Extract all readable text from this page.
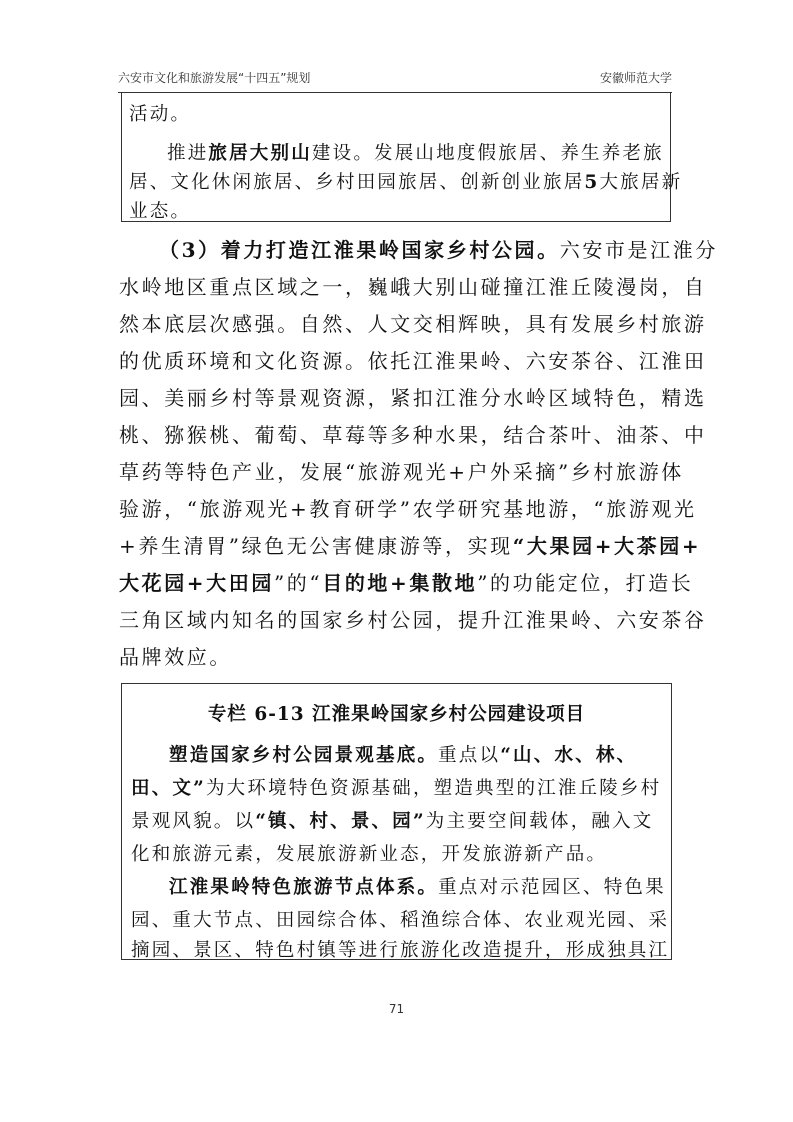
六安市文化和旅游发展“十四五”规划	安徽师范大学
活动。
推进旅居大别山建设。发展山地度假旅居、养生养老旅
居、文化休闲旅居、乡村田园旅居、创新创业旅居5大旅居新
业态。
（3）着力打造江淮果岭国家乡村公园。六安市是江淮分
水岭地区重点区域之一，巍峨大别山碰撞江淮丘陵漫岗，自
然本底层次感强。自然、人文交相辉映，具有发展乡村旅游
的优质环境和文化资源。依托江淮果岭、六安茶谷、江淮田
园、美丽乡村等景观资源，紧扣江淮分水岭区域特色，精选
桃、猕猴桃、葡萄、草莓等多种水果，结合茶叶、油茶、中
草药等特色产业，发展“旅游观光+户外采摘”乡村旅游体
验游，“旅游观光+教育研学”农学研究基地游，“旅游观光
+养生清胃”绿色无公害健康游等，实现“大果园+大茶园+
大花园+大田园”的“目的地+集散地”的功能定位，打造长
三角区域内知名的国家乡村公园，提升江淮果岭、六安茶谷
品牌效应。
专栏 6-13 江淮果岭国家乡村公园建设项目
塑造国家乡村公园景观基底。重点以“山、水、林、
田、文”为大环境特色资源基础，塑造典型的江淮丘陵乡村
景观风貌。以“镇、村、景、园”为主要空间载体，融入文
化和旅游元素，发展旅游新业态，开发旅游新产品。
江淮果岭特色旅游节点体系。重点对示范园区、特色果
园、重大节点、田园综合体、稻渔综合体、农业观光园、采
摘园、景区、特色村镇等进行旅游化改造提升，形成独具江
71
